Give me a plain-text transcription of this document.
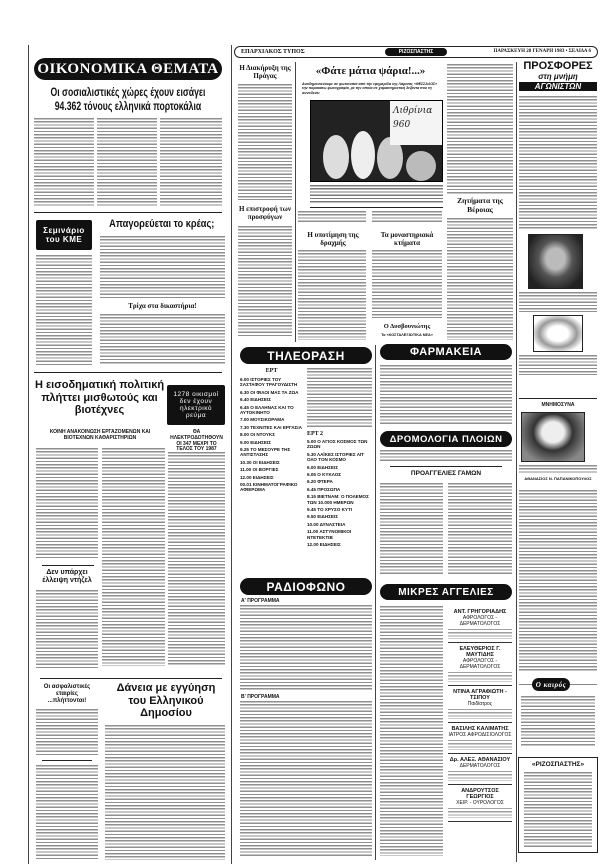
ΟΙΚΟΝΟΜΙΚΑ ΘΕΜΑΤΑ
Οι σοσιαλιστικές χώρες έχουν εισάγει
94.362 τόνους ελληνικά πορτοκάλια
Σεμινάριο του ΚΜΕ
Απαγορεύεται το κρέας;
Τρίχα στα δικαστήρια!
Η εισοδηματική πολιτική πλήττει μισθωτούς και βιοτέχνες
ΚΟΙΝΗ ΑΝΑΚΟΙΝΩΣΗ ΕΡΓΑΖΟΜΕΝΩΝ ΚΑΙ ΒΙΟΤΕΧΝΩΝ ΚΑΘΑΡΙΣΤΗΡΙΩΝ
Δεν υπάρχει έλλειψη ντήζελ
1278 οικισμοί δεν έχουν ηλεκτρικό ρεύμα
ΘΑ ΗΛΕΚΤΡΟΔΟΤΗΘΟΥΝ ΟΙ 347 ΜΕΧΡΙ ΤΟ ΤΕΛΟΣ ΤΟΥ 1987
Οι ασφαλιστικές εταιρίες ...πλήττονται!
Δάνεια με εγγύηση του Ελληνικού Δημοσίου
ΕΠΑΡΧΙΑΚΟΣ ΤΥΠΟΣ	ΡΙΖΟΣΠΑΣΤΗΣ	ΠΑΡΑΣΚΕΥΗ 28 ΓΕΝΑΡΗ 1983 • ΣΕΛΙΔΑ 6
Η Διακήρυξη της Πράγας
Η επιστροφή των προσφύγων
«Φάτε μάτια ψάρια!...»
Αναδημοσιεύουμε σε φωτοτυπία από την εφημερίδα της Λάρισας «ΘΕΣΣΑΛΟΣ» την παρακάτω φωτογραφία, με την οποία σε χαρακτηριστική λεζάντα που τη συνοδεύει
Λιθρίνια 960
Η υποτίμηση της δραχμής
Τα μοναστηριακά κτήματα
Ο Δυσβουνιώτης
Τα «ΚΟΣΤΑΛΕΞΙΩΤΙΚΑ ΝΕΑ»
Ζητήματα της Βέροιας
ΠΡΟΣΦΟΡΕΣ
στη μνήμη
ΑΓΩΝΙΣΤΩΝ
ΜΝΗΜΟΣΥΝΑ
ΑΘΑΝΑΣΙΟΣ Ν. ΠΑΠΑΝΙΚΟΠΟΥΛΟΣ
Ο καιρός
«ΡΙΖΟΣΠΑΣΤΗΣ»
ΤΗΛΕΟΡΑΣΗ
ΕΡΤ
6.00 ΙΣΤΟΡΙΕΣ ΤΟΥ ΣΑΣΤΑΦΟΥ ΤΡΑΓΟΥΔΙΣΤΗ
6.30 ΟΙ ΦΙΛΟΙ ΜΑΣ ΤΑ ΖΩΑ
6.40 ΕΙΔΗΣΕΙΣ
6.45 Ο ΕΛΛΗΝΑΣ ΚΑΙ ΤΟ ΑΥΤΟΚΙΝΗΤΟ
7.00 ΜΟΥΣΙΚΟΡΑΜΑ
7.30 ΤΕΧΝΙΤΕΣ ΚΑΙ ΕΡΓΑΣΙΑ
8.00 ΟΙ ΝΤΟΥΚΣ
9.00 ΕΙΔΗΣΕΙΣ
9.25 ΤΟ ΜΕΣΟΥΡΕ ΤΗΣ ΑΝΤΙΣΤΑΣΗΣ
10.30 ΟΙ ΕΙΔΗΣΕΙΣ
11.00 ΟΙ ΒΟΡΓΙΕΣ
12.00 ΕΙΔΗΣΕΙΣ
00.01 ΚΙΝΗΜΑΤΟΓΡΑΦΙΚΟ ΑΦΙΕΡΩΜΑ
ΕΡΤ 2
5.00 Ο ΑΓΙΟΣ ΚΟΣΜΟΣ ΤΩΝ ΖΩΩΝ
5.30 ΛΑΪΚΕΣ ΙΣΤΟΡΙΕΣ ΑΠ' ΟΛΟ ΤΟΝ ΚΟΣΜΟ
6.00 ΕΙΔΗΣΕΙΣ
6.05 Ο ΚΥΚΛΟΣ
6.20 ΦΤΕΡΑ
6.45 ΠΡΟΣΩΠΑ
8.15 ΒΙΕΤΝΑΜ: Ο ΠΟΛΕΜΟΣ ΤΩΝ 10.000 ΗΜΕΡΩΝ
9.45 ΤΟ ΧΡΥΣΟ ΚΥΤΙ
9.50 ΕΙΔΗΣΕΙΣ
10.00 ΔΥΝΑΣΤΕΙΑ
11.00 ΑΣΤΥΝΟΜΙΚΟΙ ΝΤΕΤΕΚΤΙΒ
12.00 ΕΙΔΗΣΕΙΣ
ΡΑΔΙΟΦΩΝΟ
Α' ΠΡΟΓΡΑΜΜΑ
Β' ΠΡΟΓΡΑΜΜΑ
ΦΑΡΜΑΚΕΙΑ
ΔΡΟΜΟΛΟΓΙΑ ΠΛΟΙΩΝ
ΠΡΟΑΓΓΕΛΙΕΣ ΓΑΜΩΝ
ΜΙΚΡΕΣ ΑΓΓΕΛΙΕΣ
ΑΝΤ. ΓΡΗΓΟΡΙΑΔΗΣ
ΑΦΡΟΛΟΓΟΣ - ΔΕΡΜΑΤΟΛΟΓΟΣ
ΕΛΕΥΘΕΡΙΟΣ Γ. ΜΑΥΤΙΔΗΣ
ΑΦΡΟΛΟΓΟΣ - ΔΕΡΜΑΤΟΛΟΓΟΣ
ΝΤΙΝΑ ΑΓΡΑΦΙΩΤΗ - ΤΣΙΠΟΥ
Παιδίατρος
ΒΑΣΙΛΗΣ ΚΑΛΙΜΑΤΗΣ
ΙΑΤΡΟΣ ΑΦΡΟΔΙΣΙΟΛΟΓΟΣ
Δρ. ΑΛΕΞ. ΑΘΑΝΑΣΙΟΥ
ΔΕΡΜΑΤΟΛΟΓΟΣ
ΑΝΔΡΟΥΤΣΟΣ ΓΕΩΡΓΙΟΣ
ΧΕΙΡ. - ΟΥΡΟΛΟΓΟΣ
